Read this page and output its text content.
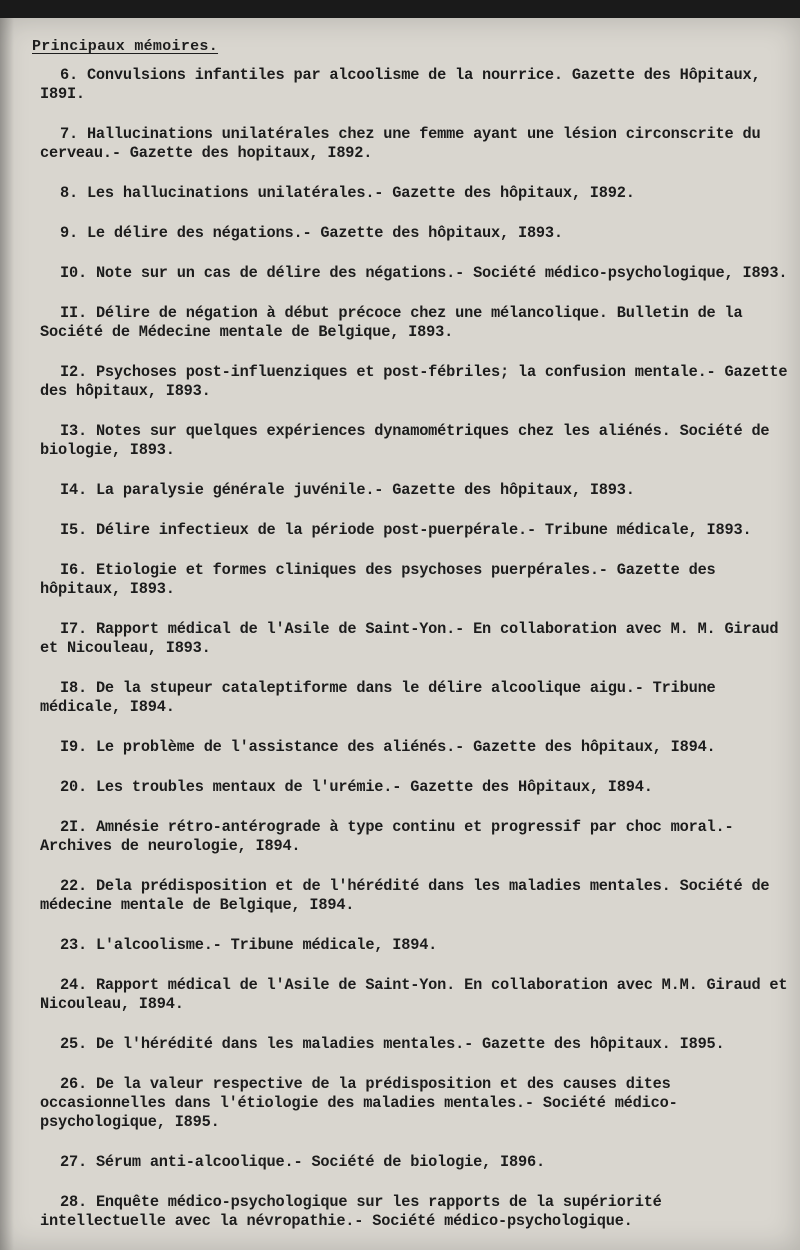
Principaux mémoires.
6. Convulsions infantiles par alcoolisme de la nourrice. Gazette des Hôpitaux, I89I.
7. Hallucinations unilatérales chez une femme ayant une lésion circonscrite du cerveau.- Gazette des hopitaux, I892.
8. Les hallucinations unilatérales.- Gazette des hôpitaux, I892.
9. Le délire des négations.- Gazette des hôpitaux, I893.
I0. Note sur un cas de délire des négations.- Société médico-psychologique, I893.
II. Délire de négation à début précoce chez une mélancolique. Bulletin de la Société de Médecine mentale de Belgique, I893.
I2. Psychoses post-influenziques et post-fébriles; la confusion mentale.- Gazette des hôpitaux, I893.
I3. Notes sur quelques expériences dynamométriques chez les aliénés. Société de biologie, I893.
I4. La paralysie générale juvénile.- Gazette des hôpitaux, I893.
I5. Délire infectieux de la période post-puerpérale.- Tribune médicale, I893.
I6. Etiologie et formes cliniques des psychoses puerpérales.- Gazette des hôpitaux, I893.
I7. Rapport médical de l'Asile de Saint-Yon.- En collaboration avec M. M. Giraud et Nicouleau, I893.
I8. De la stupeur cataleptiforme dans le délire alcoolique aigu.- Tribune médicale, I894.
I9. Le problème de l'assistance des aliénés.- Gazette des hôpitaux, I894.
20. Les troubles mentaux de l'urémie.- Gazette des Hôpitaux, I894.
2I. Amnésie rétro-antérograde à type continu et progressif par choc moral.- Archives de neurologie, I894.
22. Dela prédisposition et de l'hérédité dans les maladies mentales. Société de médecine mentale de Belgique, I894.
23. L'alcoolisme.- Tribune médicale, I894.
24. Rapport médical de l'Asile de Saint-Yon. En collaboration avec M.M. Giraud et Nicouleau, I894.
25. De l'hérédité dans les maladies mentales.- Gazette des hôpitaux. I895.
26. De la valeur respective de la prédisposition et des causes dites occasionnelles dans l'étiologie des maladies mentales.- Société médico-psychologique, I895.
27. Sérum anti-alcoolique.- Société de biologie, I896.
28. Enquête médico-psychologique sur les rapports de la supériorité intellectuelle avec la névropathie.- Société médico-psychologique.
